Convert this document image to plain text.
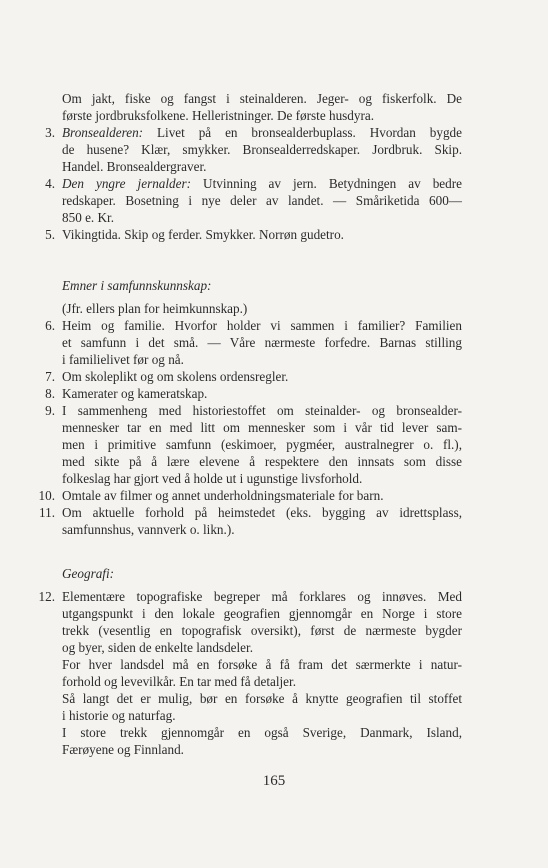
Om jakt, fiske og fangst i steinalderen. Jeger- og fiskerfolk. De
første jordbruksfolkene. Helleristninger. De første husdyra.
3. Bronsealderen: Livet på en bronsealderbuplass. Hvordan bygde
de husene? Klær, smykker. Bronsealderredskaper. Jordbruk. Skip.
Handel. Bronsealdergraver.
4. Den yngre jernalder: Utvinning av jern. Betydningen av bedre
redskaper. Bosetning i nye deler av landet. — Småriketida 600—
850 e. Kr.
5. Vikingtida. Skip og ferder. Smykker. Norrøn gudetro.
Emner i samfunnskunnskap:
(Jfr. ellers plan for heimkunnskap.)
6. Heim og familie. Hvorfor holder vi sammen i familier? Familien
et samfunn i det små. — Våre nærmeste forfedre. Barnas stilling
i familielivet før og nå.
7. Om skoleplikt og om skolens ordensregler.
8. Kamerater og kameratskap.
9. I sammenheng med historiestoffet om steinalder- og bronsealder-
mennesker tar en med litt om mennesker som i vår tid lever sam-
men i primitive samfunn (eskimoer, pygméer, australnegrer o. fl.),
med sikte på å lære elevene å respektere den innsats som disse
folkeslag har gjort ved å holde ut i ugunstige livsforhold.
10. Omtale av filmer og annet underholdningsmateriale for barn.
11. Om aktuelle forhold på heimstedet (eks. bygging av idrettsplass,
samfunnshus, vannverk o. likn.).
Geografi:
12. Elementære topografiske begreper må forklares og innøves. Med
utgangspunkt i den lokale geografien gjennomgår en Norge i store
trekk (vesentlig en topografisk oversikt), først de nærmeste bygder
og byer, siden de enkelte landsdeler.
For hver landsdel må en forsøke å få fram det særmerkte i natur-
forhold og levevilkår. En tar med få detaljer.
Så langt det er mulig, bør en forsøke å knytte geografien til stoffet
i historie og naturfag.
I store trekk gjennomgår en også Sverige, Danmark, Island,
Færøyene og Finnland.
165
